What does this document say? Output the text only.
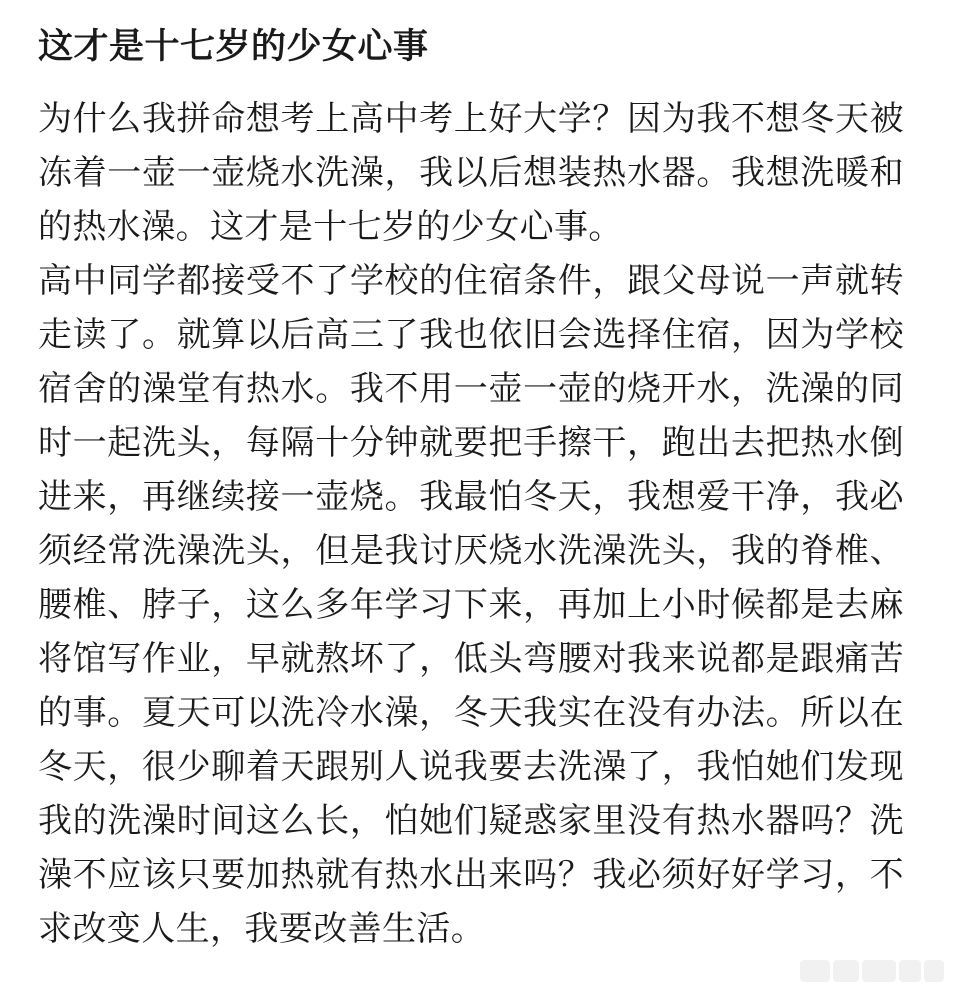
这才是十七岁的少女心事

为什么我拼命想考上高中考上好大学？因为我不想冬天被冻着一壶一壶烧水洗澡，我以后想装热水器。我想洗暖和的热水澡。这才是十七岁的少女心事。

高中同学都接受不了学校的住宿条件，跟父母说一声就转走读了。就算以后高三了我也依旧会选择住宿，因为学校宿舍的澡堂有热水。我不用一壶一壶的烧开水，洗澡的同时一起洗头，每隔十分钟就要把手擦干，跑出去把热水倒进来，再继续接一壶烧。我最怕冬天，我想爱干净，我必须经常洗澡洗头，但是我讨厌烧水洗澡洗头，我的脊椎、腰椎、脖子，这么多年学习下来，再加上小时候都是去麻将馆写作业，早就熬坏了，低头弯腰对我来说都是跟痛苦的事。夏天可以洗冷水澡，冬天我实在没有办法。所以在冬天，很少聊着天跟别人说我要去洗澡了，我怕她们发现我的洗澡时间这么长，怕她们疑惑家里没有热水器吗？洗澡不应该只要加热就有热水出来吗？我必须好好学习，不求改变人生，我要改善生活。
